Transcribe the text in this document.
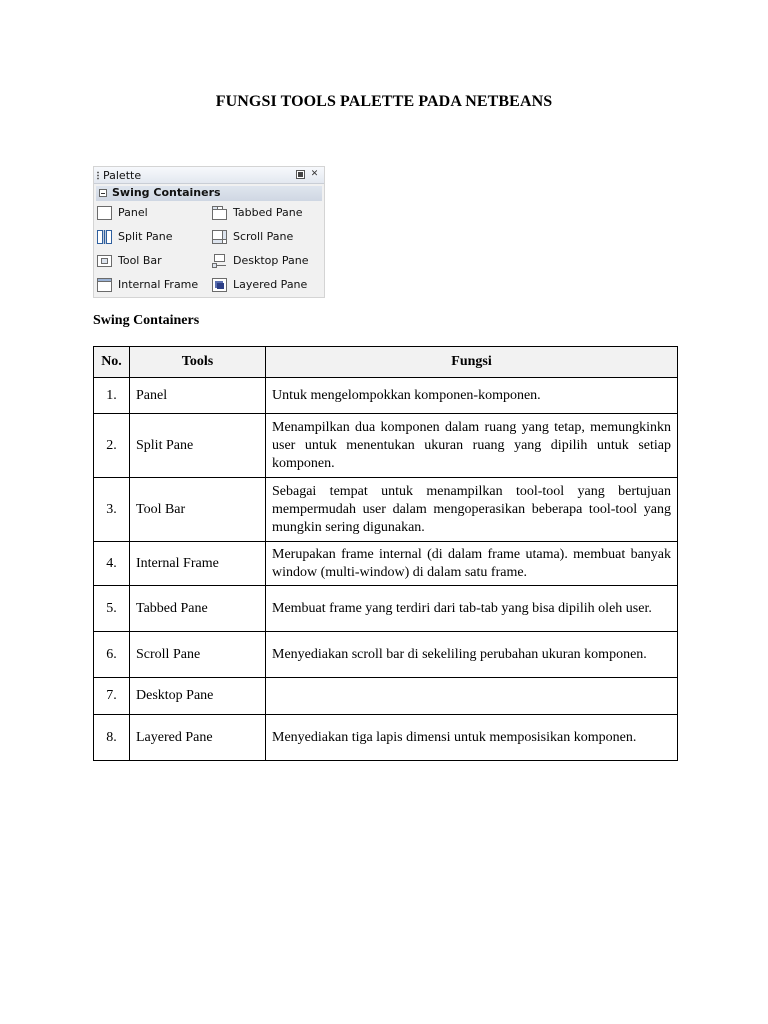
FUNGSI TOOLS PALETTE PADA NETBEANS
Palette	✕
Swing Containers
Panel	Tabbed Pane
Split Pane	Scroll Pane
Tool Bar	Desktop Pane
Internal Frame	Layered Pane
Swing Containers
No.	Tools	Fungsi
1.	Panel	Untuk mengelompokkan komponen-komponen.
2.	Split Pane	Menampilkan dua komponen dalam ruang yang tetap, memungkinkn user untuk menentukan ukuran ruang yang dipilih untuk setiap komponen.
3.	Tool Bar	Sebagai tempat untuk menampilkan tool-tool yang bertujuan mempermudah user dalam mengoperasikan beberapa tool-tool yang mungkin sering digunakan.
4.	Internal Frame	Merupakan frame internal (di dalam frame utama). membuat banyak window (multi-window) di dalam satu frame.
5.	Tabbed Pane	Membuat frame yang terdiri dari tab-tab yang bisa dipilih oleh user.
6.	Scroll Pane	Menyediakan scroll bar di sekeliling perubahan ukuran komponen.
7.	Desktop Pane	
8.	Layered Pane	Menyediakan tiga lapis dimensi untuk memposisikan komponen.
